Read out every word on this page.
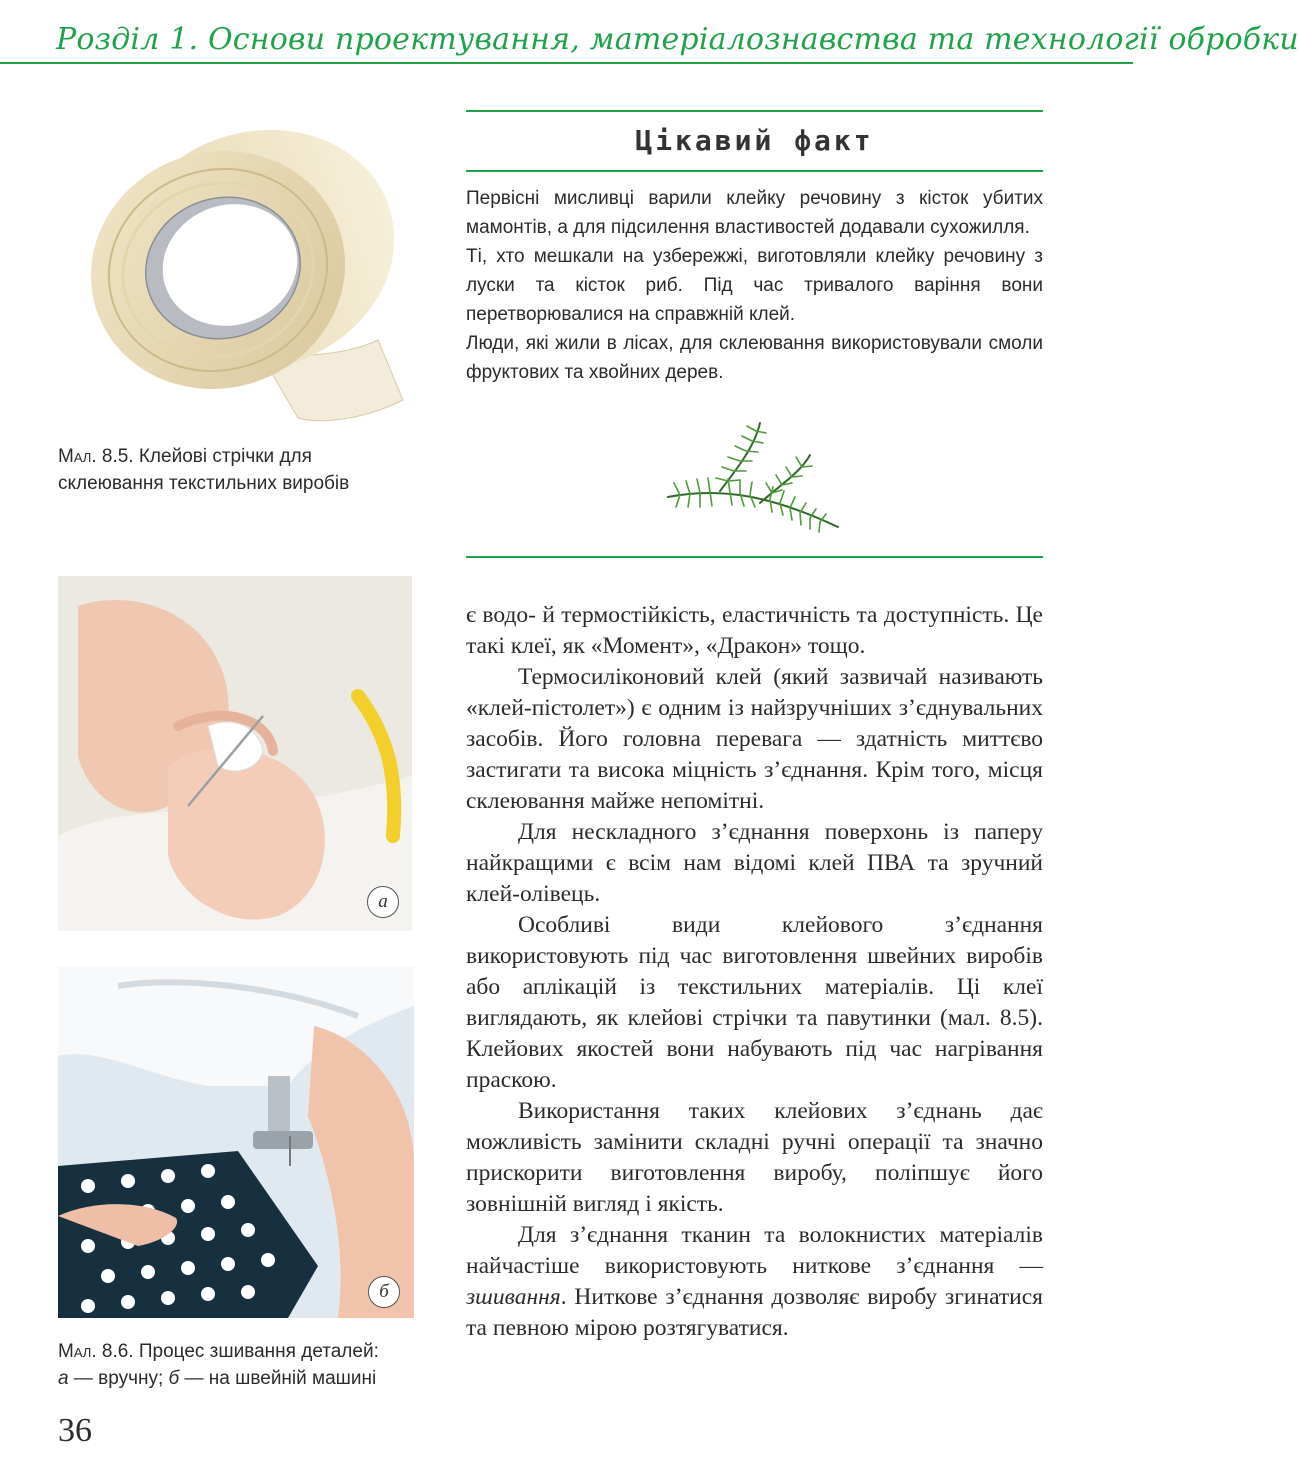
Розділ 1. Основи проектування, матеріалознавства та технології обробки
Мал. 8.5. Клейові стрічки для склеювання текстильних виробів
Цікавий факт

Первісні мисливці варили клейку речовину з кісток убитих мамонтів, а для підсилення властивостей додавали сухожилля.

Ті, хто мешкали на узбережжі, виготовляли клейку речовину з луски та кісток риб. Під час тривалого варіння вони перетворювалися на справжній клей.

Люди, які жили в лісах, для склеювання використовували смоли фруктових та хвойних дерев.

а
б
Мал. 8.6. Процес зшивання деталей:
а — вручну; б — на швейній машині

є водо- й термостійкість, еластичність та доступність. Це такі клеї, як «Момент», «Дракон» тощо.

Термосиліконовий клей (який зазвичай називають «клей-пістолет») є одним із найзручніших з’єднувальних засобів. Його головна перевага — здатність миттєво застигати та висока міцність з’єднання. Крім того, місця склеювання майже непомітні.

Для нескладного з’єднання поверхонь із паперу найкращими є всім нам відомі клей ПВА та зручний клей-олівець.

Особливі види клейового з’єднання використовують під час виготовлення швейних виробів або аплікацій із текстильних матеріалів. Ці клеї виглядають, як клейові стрічки та павутинки (мал. 8.5). Клейових якостей вони набувають під час нагрівання праскою.

Використання таких клейових з’єднань дає можливість замінити складні ручні операції та значно прискорити виготовлення виробу, поліпшує його зовнішній вигляд і якість.

Для з’єднання тканин та волокнистих матеріалів найчастіше використовують ниткове з’єднання — зшивання. Ниткове з’єднання дозволяє виробу згинатися та певною мірою розтягуватися.

36
